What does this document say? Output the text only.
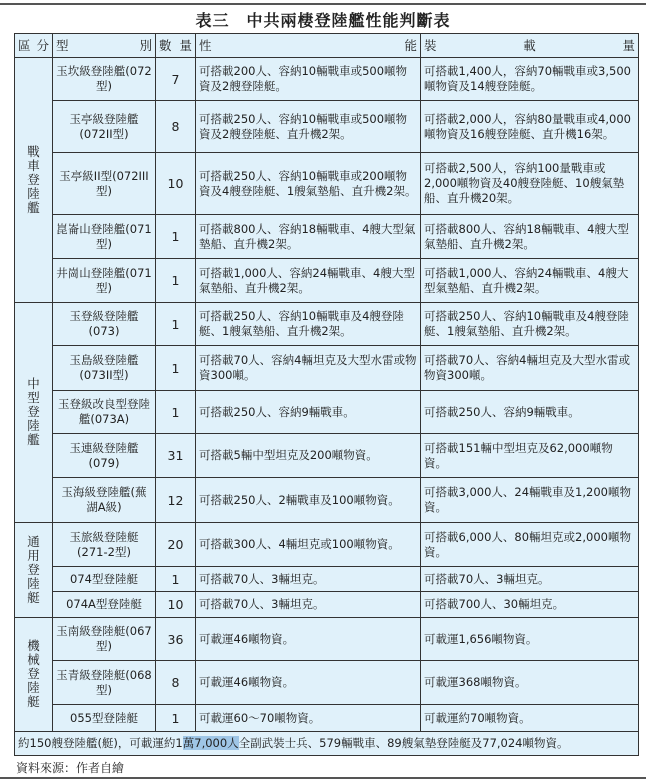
表三　中共兩棲登陸艦性能判斷表
區 分	型 別	數 量	性 能	裝 載 量

戰車登陸艦	玉坎級登陸艦(072型)	7	可搭載200人、容納10輛戰車或500噸物資及2艘登陸艇。	可搭載1,400人，容納70輛戰車或3,500噸物資及14艘登陸艇。
	玉亭級登陸艦(072II型)	8	可搭載250人、容納10輛戰車或500噸物資及2艘登陸艇、直升機2架。	可搭載2,000人，容納80量戰車或4,000噸物資及16艘登陸艇、直升機16架。
	玉亭級II型(072III型)	10	可搭載250人、容納10輛戰車或200噸物資及4艘登陸艇、1艘氣墊船、直升機2架。	可搭載2,500人，容納100量戰車或2,000噸物資及40艘登陸艇、10艘氣墊船、直升機20架。
	崑崙山登陸艦(071型)	1	可搭載800人、容納18輛戰車、4艘大型氣墊船、直升機2架。	可搭載800人、容納18輛戰車、4艘大型氣墊船、直升機2架。
	井崗山登陸艦(071型)	1	可搭載1,000人、容納24輛戰車、4艘大型氣墊船、直升機2架。	可搭載1,000人、容納24輛戰車、4艘大型氣墊船、直升機2架。
中型登陸艦	玉登級登陸艦(073)	1	可搭載250人、容納10輛戰車及4艘登陸艇、1艘氣墊船、直升機2架。	可搭載250人、容納10輛戰車及4艘登陸艇、1艘氣墊船、直升機2架。
	玉島級登陸艦(073II型)	1	可搭載70人、容納4輛坦克及大型水雷或物資300噸。	可搭載70人、容納4輛坦克及大型水雷或物資300噸。
	玉登級改良型登陸艦(073A)	1	可搭載250人、容納9輛戰車。	可搭載250人、容納9輛戰車。
	玉連級登陸艦(079)	31	可搭載5輛中型坦克及200噸物資。	可搭載151輛中型坦克及62,000噸物資。
	玉海級登陸艦(蕪湖A級)	12	可搭載250人、2輛戰車及100噸物資。	可搭載3,000人、24輛戰車及1,200噸物資。
通用登陸艇	玉旅級登陸艇(271-2型)	20	可搭載300人、4輛坦克或100噸物資。	可搭載6,000人、80輛坦克或2,000噸物資。
	074型登陸艇	1	可搭載70人、3輛坦克。	可搭載70人、3輛坦克。
	074A型登陸艇	10	可搭載70人、3輛坦克。	可搭載700人、30輛坦克。
機械登陸艇	玉南級登陸艇(067型)	36	可載運46噸物資。	可載運1,656噸物資。
	玉青級登陸艇(068型)	8	可載運46噸物資。	可載運368噸物資。
	055型登陸艇	1	可載運60～70噸物資。	可載運約70噸物資。
約150艘登陸艦(艇)，可載運約1萬7,000人全副武裝士兵、579輛戰車、89艘氣墊登陸艇及77,024噸物資。				
資料來源：作者自繪
